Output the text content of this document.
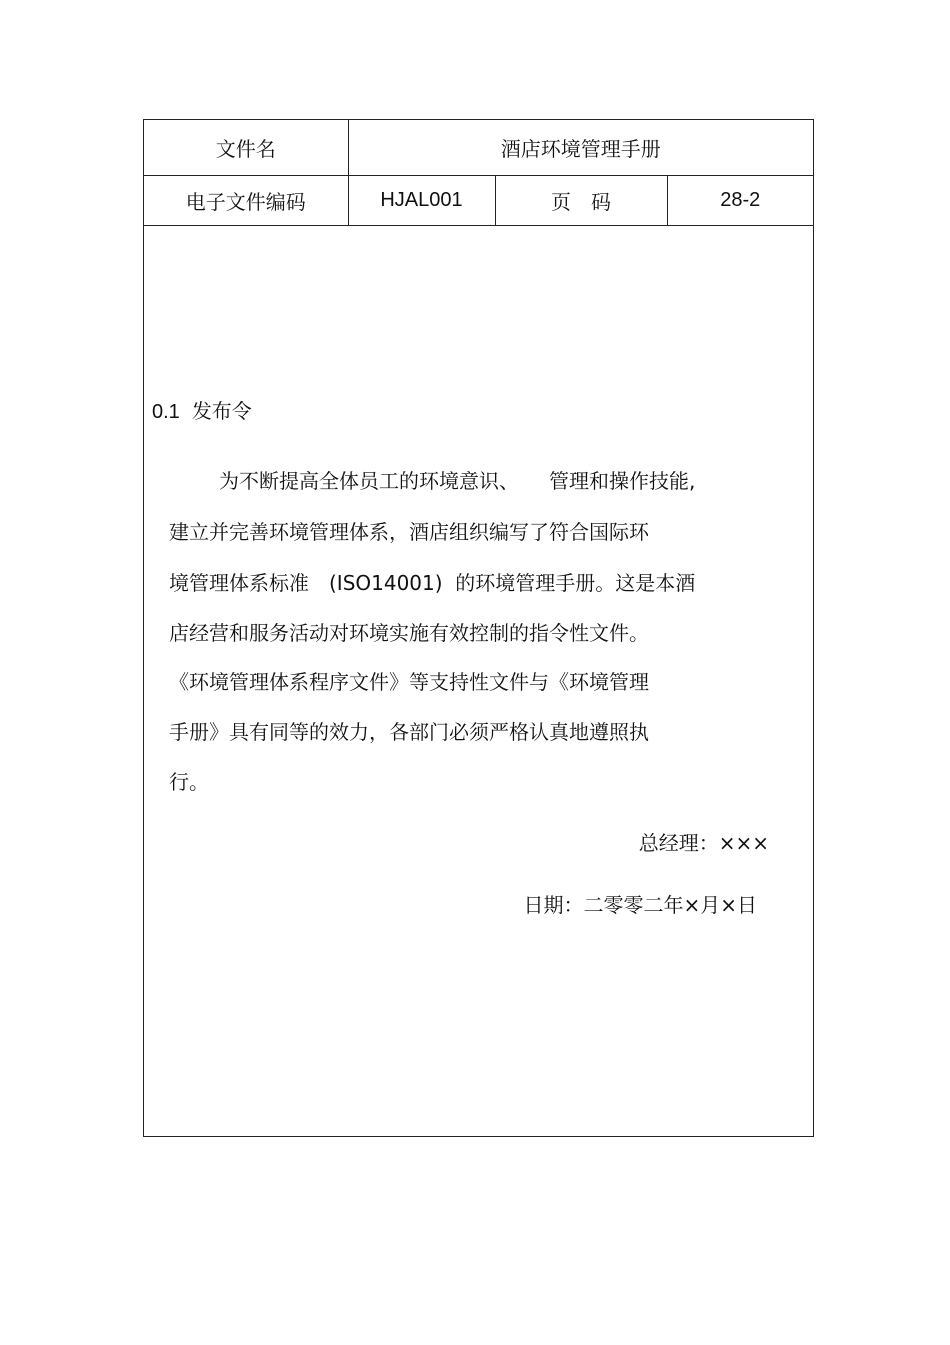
文件名	酒店环境管理手册		
电子文件编码	HJAL001	页　码	28-2
0.1 发布令
为不断提高全体员工的环境意识、　　管理和操作技能,
建立并完善环境管理体系，酒店组织编写了符合国际环
境管理体系标准　(ISO14001)  的环境管理手册。这是本酒
店经营和服务活动对环境实施有效控制的指令性文件。
《环境管理体系程序文件》等支持性文件与《环境管理
手册》具有同等的效力，各部门必须严格认真地遵照执
行。
总经理：×××
日期：二零零二年×月×日
